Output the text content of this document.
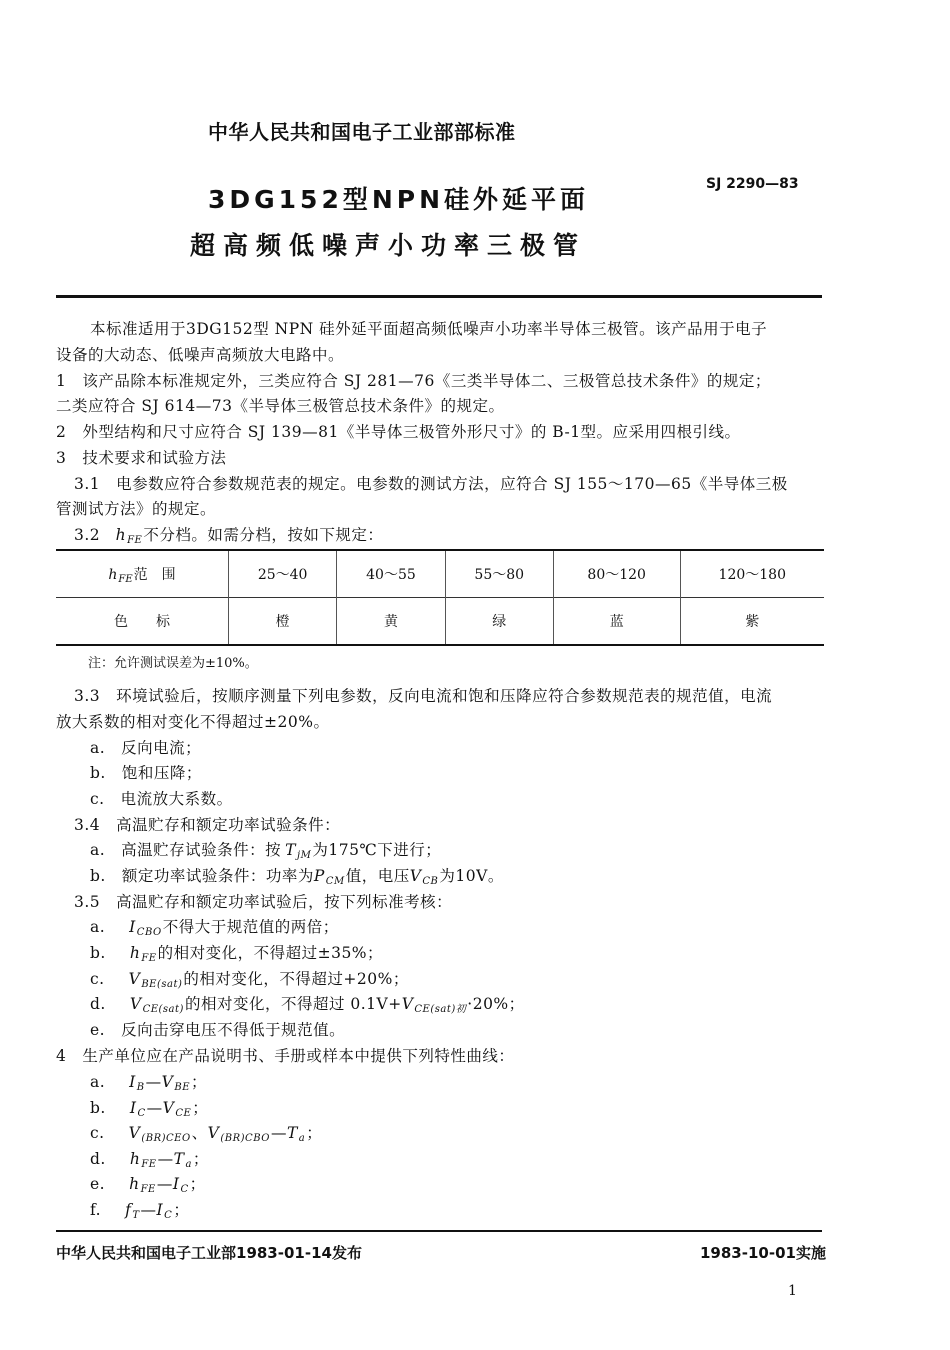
中华人民共和国电子工业部部标准
SJ 2290—83
3DG152型NPN硅外延平面
超高频低噪声小功率三极管
本标准适用于3DG152型 NPN 硅外延平面超高频低噪声小功率半导体三极管。该产品用于电子
设备的大动态、低噪声高频放大电路中。
1　该产品除本标准规定外，三类应符合 SJ 281—76《三类半导体二、三极管总技术条件》的规定；
二类应符合 SJ 614—73《半导体三极管总技术条件》的规定。
2　外型结构和尺寸应符合 SJ 139—81《半导体三极管外形尺寸》的 B-1型。应采用四根引线。
3　技术要求和试验方法
3.1　电参数应符合参数规范表的规定。电参数的测试方法，应符合 SJ 155～170—65《半导体三极
管测试方法》的规定。
3.2 $h_{FE}$不分档。如需分档，按如下规定：
$h_{FE}$范　围	25～40	40～55	55～80	80～120	120～180
色　　标	橙	黄	绿	蓝	紫
注：允许测试误差为±10%。
3.3　环境试验后，按顺序测量下列电参数，反向电流和饱和压降应符合参数规范表的规范值，电流
放大系数的相对变化不得超过±20%。
a.　反向电流；
b.　饱和压降；
c.　电流放大系数。
3.4　高温贮存和额定功率试验条件：
a.　高温贮存试验条件：按 $T_{jM}$为175℃下进行；
b.　额定功率试验条件：功率为$P_{CM}$值，电压$V_{CB}$为10V。
3.5　高温贮存和额定功率试验后，按下列标准考核：
a. $I_{CBO}$不得大于规范值的两倍；
b. $h_{FE}$的相对变化，不得超过±35%；
c. $V_{BE(sat)}$的相对变化，不得超过+20%；
d. $V_{CE(sat)}$的相对变化，不得超过 $0.1V+V_{CE(sat)初}\cdot 20\%$；
e.　反向击穿电压不得低于规范值。
4　生产单位应在产品说明书、手册或样本中提供下列特性曲线：
a. $I_B—V_{BE}$；
b. $I_C—V_{CE}$；
c. $V_{(BR)CEO}$、$V_{(BR)CBO}—T_a$；
d. $h_{FE}—T_a$；
e. $h_{FE}—I_C$；
f. $f_T—I_C$；
中华人民共和国电子工业部1983-01-14发布	1983-10-01实施
1
